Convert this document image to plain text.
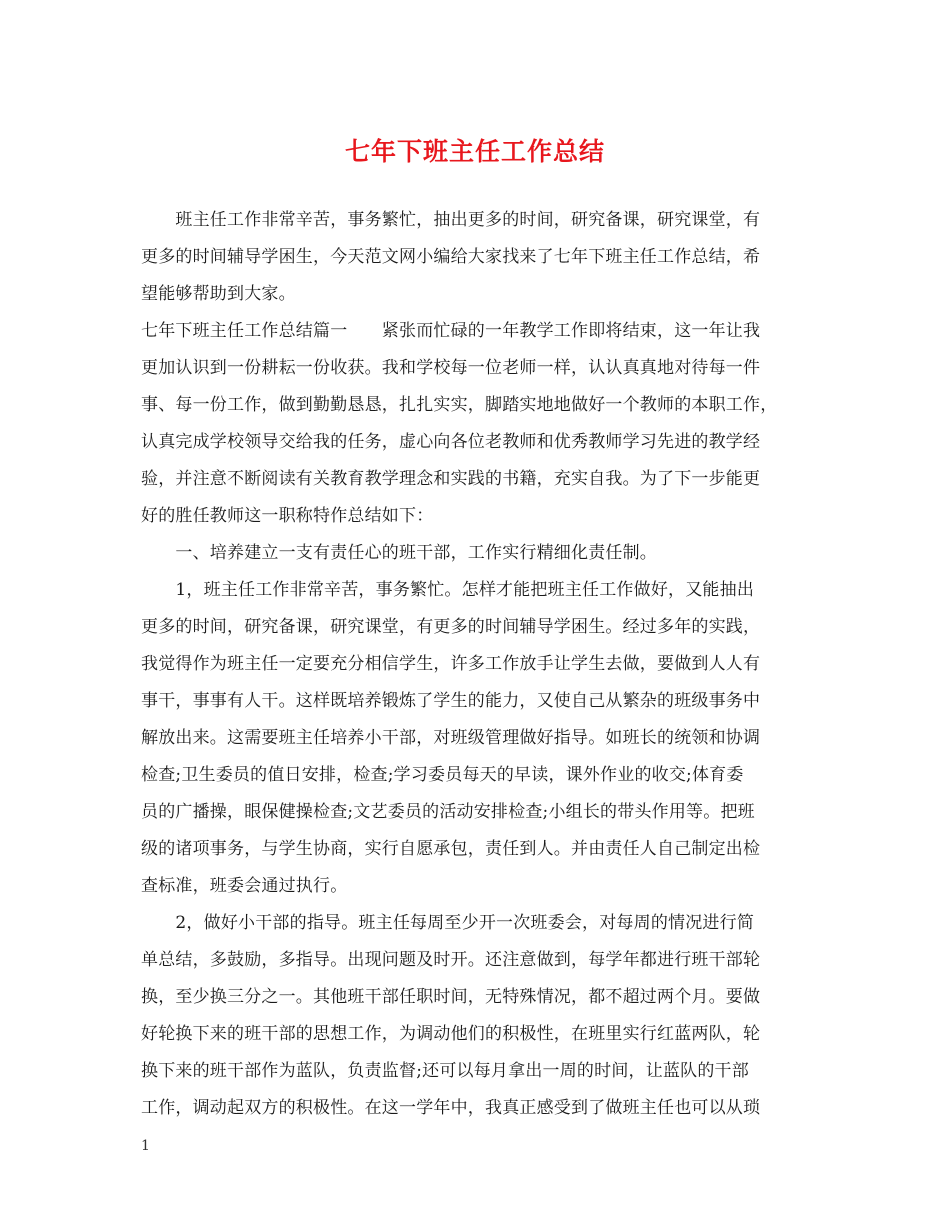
七年下班主任工作总结
　　班主任工作非常辛苦，事务繁忙，抽出更多的时间，研究备课，研究课堂，有
更多的时间辅导学困生，今天范文网小编给大家找来了七年下班主任工作总结，希
望能够帮助到大家。
七年下班主任工作总结篇一　　紧张而忙碌的一年教学工作即将结束，这一年让我
更加认识到一份耕耘一份收获。我和学校每一位老师一样，认认真真地对待每一件
事、每一份工作，做到勤勤恳恳，扎扎实实，脚踏实地地做好一个教师的本职工作，
认真完成学校领导交给我的任务，虚心向各位老教师和优秀教师学习先进的教学经
验，并注意不断阅读有关教育教学理念和实践的书籍，充实自我。为了下一步能更
好的胜任教师这一职称特作总结如下：
　　一、培养建立一支有责任心的班干部，工作实行精细化责任制。
　　1，班主任工作非常辛苦，事务繁忙。怎样才能把班主任工作做好，又能抽出
更多的时间，研究备课，研究课堂，有更多的时间辅导学困生。经过多年的实践，
我觉得作为班主任一定要充分相信学生，许多工作放手让学生去做，要做到人人有
事干，事事有人干。这样既培养锻炼了学生的能力，又使自己从繁杂的班级事务中
解放出来。这需要班主任培养小干部，对班级管理做好指导。如班长的统领和协调
检查;卫生委员的值日安排，检查;学习委员每天的早读，课外作业的收交;体育委
员的广播操，眼保健操检查;文艺委员的活动安排检查;小组长的带头作用等。把班
级的诸项事务，与学生协商，实行自愿承包，责任到人。并由责任人自己制定出检
查标准，班委会通过执行。
　　2，做好小干部的指导。班主任每周至少开一次班委会，对每周的情况进行简
单总结，多鼓励，多指导。出现问题及时开。还注意做到，每学年都进行班干部轮
换，至少换三分之一。其他班干部任职时间，无特殊情况，都不超过两个月。要做
好轮换下来的班干部的思想工作，为调动他们的积极性，在班里实行红蓝两队，轮
换下来的班干部作为蓝队，负责监督;还可以每月拿出一周的时间，让蓝队的干部
工作，调动起双方的积极性。在这一学年中，我真正感受到了做班主任也可以从琐
1
